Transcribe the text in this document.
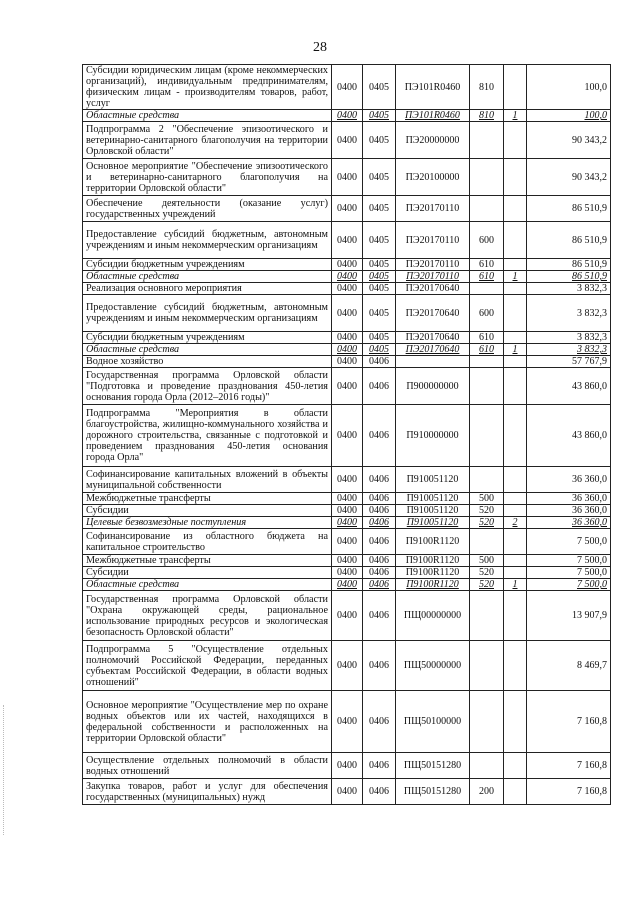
28
Субсидии юридическим лицам (кроме некоммерческих организаций), индивидуальным предпринимателям, физическим лицам - производителям товаров, работ, услуг	0400	0405	ПЭ101R0460	810		100,0
Областные средства	0400	0405	ПЭ101R0460	810	1	100,0
Подпрограмма 2 "Обеспечение эпизоотического и ветеринарно-санитарного благополучия на территории Орловской области"	0400	0405	ПЭ20000000			90 343,2
Основное мероприятие "Обеспечение эпизоотического и ветеринарно-санитарного благополучия на территории Орловской области"	0400	0405	ПЭ20100000			90 343,2
Обеспечение деятельности (оказание услуг) государственных учреждений	0400	0405	ПЭ20170110			86 510,9
Предоставление субсидий бюджетным, автономным учреждениям и иным некоммерческим организациям	0400	0405	ПЭ20170110	600		86 510,9
Субсидии бюджетным учреждениям	0400	0405	ПЭ20170110	610		86 510,9
Областные средства	0400	0405	ПЭ20170110	610	1	86 510,9
Реализация основного мероприятия	0400	0405	ПЭ20170640			3 832,3
Предоставление субсидий бюджетным, автономным учреждениям и иным некоммерческим организациям	0400	0405	ПЭ20170640	600		3 832,3
Субсидии бюджетным учреждениям	0400	0405	ПЭ20170640	610		3 832,3
Областные средства	0400	0405	ПЭ20170640	610	1	3 832,3
Водное хозяйство	0400	0406				57 767,9
Государственная программа Орловской области "Подготовка и проведение празднования 450-летия основания города Орла (2012–2016 годы)"	0400	0406	П900000000			43 860,0
Подпрограмма "Мероприятия в области благоустройства, жилищно-коммунального хозяйства и дорожного строительства, связанные с подготовкой и проведением празднования 450-летия основания города Орла"	0400	0406	П910000000			43 860,0
Софинансирование капитальных вложений в объекты муниципальной собственности	0400	0406	П910051120			36 360,0
Межбюджетные трансферты	0400	0406	П910051120	500		36 360,0
Субсидии	0400	0406	П910051120	520		36 360,0
Целевые безвозмездные поступления	0400	0406	П910051120	520	2	36 360,0
Софинансирование из областного бюджета на капитальное строительство	0400	0406	П9100R1120			7 500,0
Межбюджетные трансферты	0400	0406	П9100R1120	500		7 500,0
Субсидии	0400	0406	П9100R1120	520		7 500,0
Областные средства	0400	0406	П9100R1120	520	1	7 500,0
Государственная программа Орловской области "Охрана окружающей среды, рациональное использование природных ресурсов и экологическая безопасность Орловской области"	0400	0406	ПЩ00000000			13 907,9
Подпрограмма 5 "Осуществление отдельных полномочий Российской Федерации, переданных субъектам Российской Федерации, в области водных отношений"	0400	0406	ПЩ50000000			8 469,7
Основное мероприятие "Осуществление мер по охране водных объектов или их частей, находящихся в федеральной собственности и расположенных на территории Орловской области"	0400	0406	ПЩ50100000			7 160,8
Осуществление отдельных полномочий в области водных отношений	0400	0406	ПЩ50151280			7 160,8
Закупка товаров, работ и услуг для обеспечения государственных (муниципальных) нужд	0400	0406	ПЩ50151280	200		7 160,8
